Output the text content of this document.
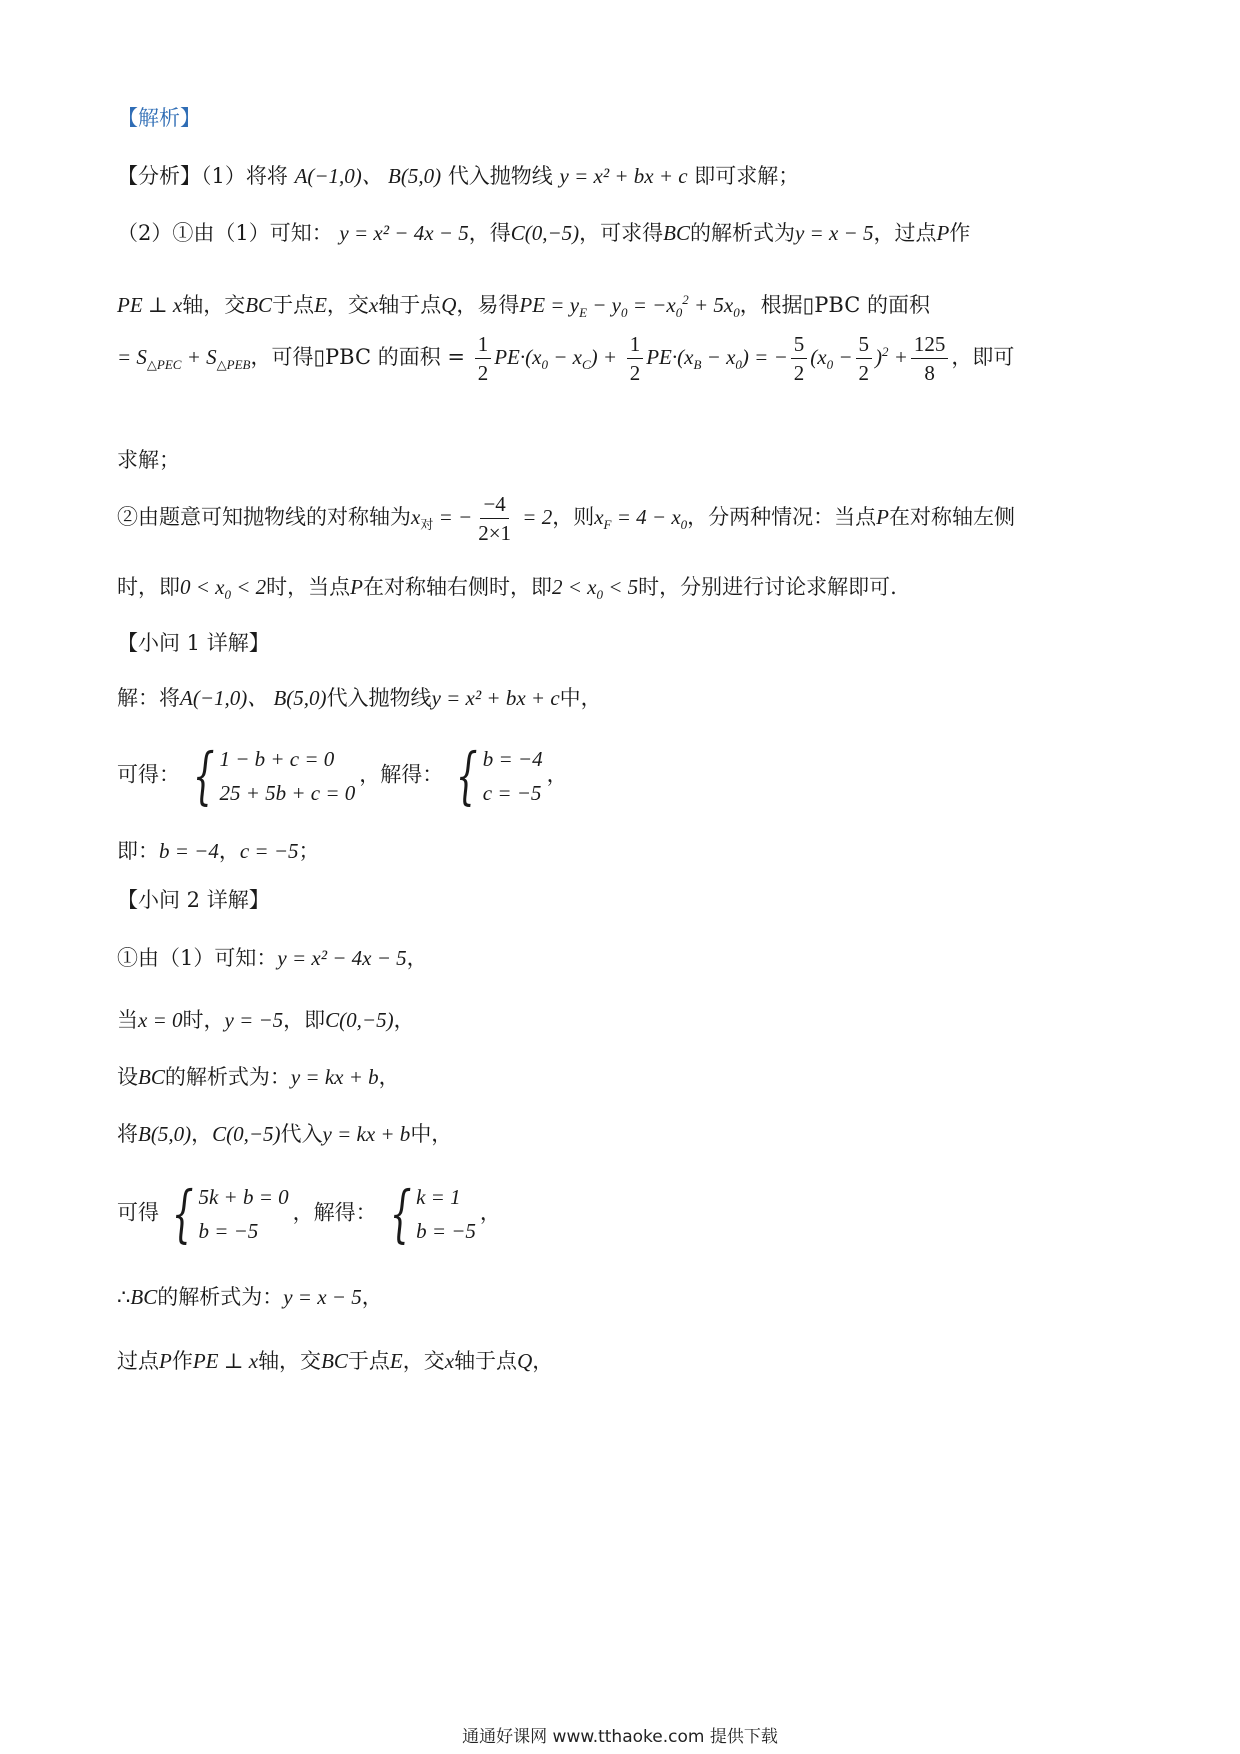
【解析】
【分析】（1）将将 A(−1,0)、 B(5,0) 代入抛物线 y = x² + bx + c 即可求解；
（2）①由（1）可知： y = x² − 4x − 5，得C(0,−5)，可求得BC的解析式为y = x − 5，过点P作
PE ⊥ x轴，交BC于点E，交x轴于点Q，易得PE = $y_E - y_0 = -x_0^2 + 5x_0$，根据▯PBC 的面积
= $S_{\triangle PEC} + S_{\triangle PEB}$，可得▯PBC 的面积 = $\frac{1}{2} PE\cdot(x_0 - x_C) + \frac{1}{2} PE\cdot(x_B - x_0)$ = − $\frac{5}{2} (x_0 - \frac{5}{2} )^2 + \frac{125}{8}$ ，即可
求解；
②由题意可知抛物线的对称轴为$x_对$ = − $\frac{-4}{2\times 1} = 2$，则$x_F = 4 - x_0$，分两种情况：当点P在对称轴左侧
时，即$0 < x_0 < 2$时，当点P在对称轴右侧时，即$2 < x_0 < 5$时，分别进行讨论求解即可.
【小问 1 详解】
解：将A(−1,0)、 B(5,0)代入抛物线y = x² + bx + c中，
可得： { 1 − b + c = 0
25 + 5b + c = 0
，解得： { b = −4
c = −5
，
即：b = −4，c = −5；
【小问 2 详解】
①由（1）可知：y = x² − 4x − 5，
当x = 0时，y = −5，即C(0,−5)，
设BC的解析式为：y = kx + b，
将B(5,0)，C(0,−5)代入y = kx + b中，
可得 { 5k + b = 0
b = −5
，解得： { k = 1
b = −5
，
∴BC的解析式为：y = x − 5，
过点P作PE ⊥ x轴，交BC于点E，交x轴于点Q，
通通好课网 www.tthaoke.com 提供下载
